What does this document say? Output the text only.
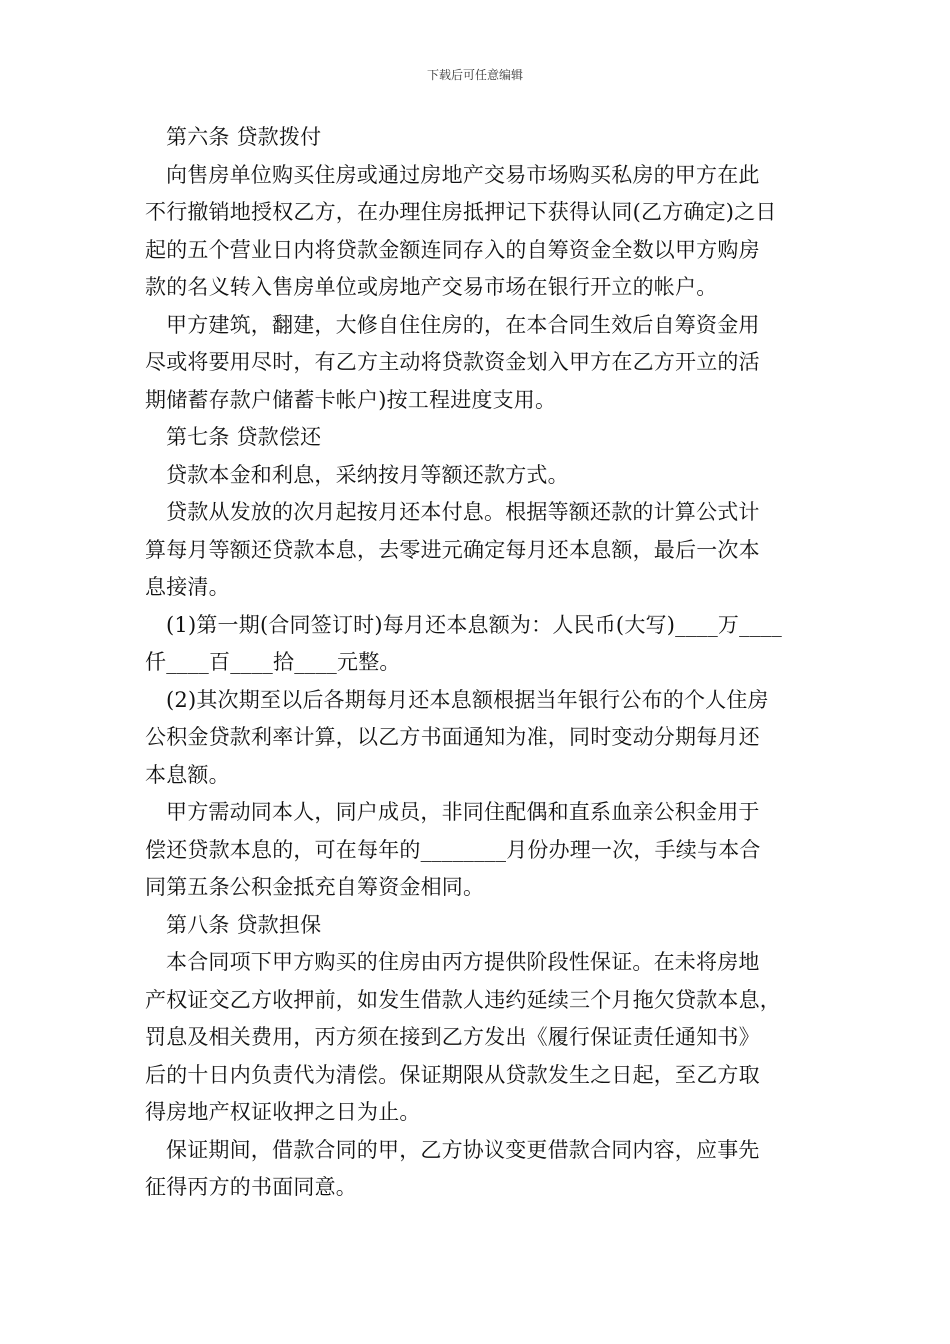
下载后可任意编辑
第六条 贷款拨付
向售房单位购买住房或通过房地产交易市场购买私房的甲方在此
不行撤销地授权乙方，在办理住房抵押记下获得认同(乙方确定)之日
起的五个营业日内将贷款金额连同存入的自筹资金全数以甲方购房
款的名义转入售房单位或房地产交易市场在银行开立的帐户。
甲方建筑，翻建，大修自住住房的，在本合同生效后自筹资金用
尽或将要用尽时，有乙方主动将贷款资金划入甲方在乙方开立的活
期储蓄存款户储蓄卡帐户)按工程进度支用。
第七条 贷款偿还
贷款本金和利息，采纳按月等额还款方式。
贷款从发放的次月起按月还本付息。根据等额还款的计算公式计
算每月等额还贷款本息，去零进元确定每月还本息额，最后一次本
息接清。
(1)第一期(合同签订时)每月还本息额为：人民币(大写)____万____
仟____百____拾____元整。
(2)其次期至以后各期每月还本息额根据当年银行公布的个人住房
公积金贷款利率计算，以乙方书面通知为准，同时变动分期每月还
本息额。
甲方需动同本人，同户成员，非同住配偶和直系血亲公积金用于
偿还贷款本息的，可在每年的________月份办理一次，手续与本合
同第五条公积金抵充自筹资金相同。
第八条 贷款担保
本合同项下甲方购买的住房由丙方提供阶段性保证。在未将房地
产权证交乙方收押前，如发生借款人违约延续三个月拖欠贷款本息，
罚息及相关费用，丙方须在接到乙方发出《履行保证责任通知书》
后的十日内负责代为清偿。保证期限从贷款发生之日起，至乙方取
得房地产权证收押之日为止。
保证期间，借款合同的甲，乙方协议变更借款合同内容，应事先
征得丙方的书面同意。
